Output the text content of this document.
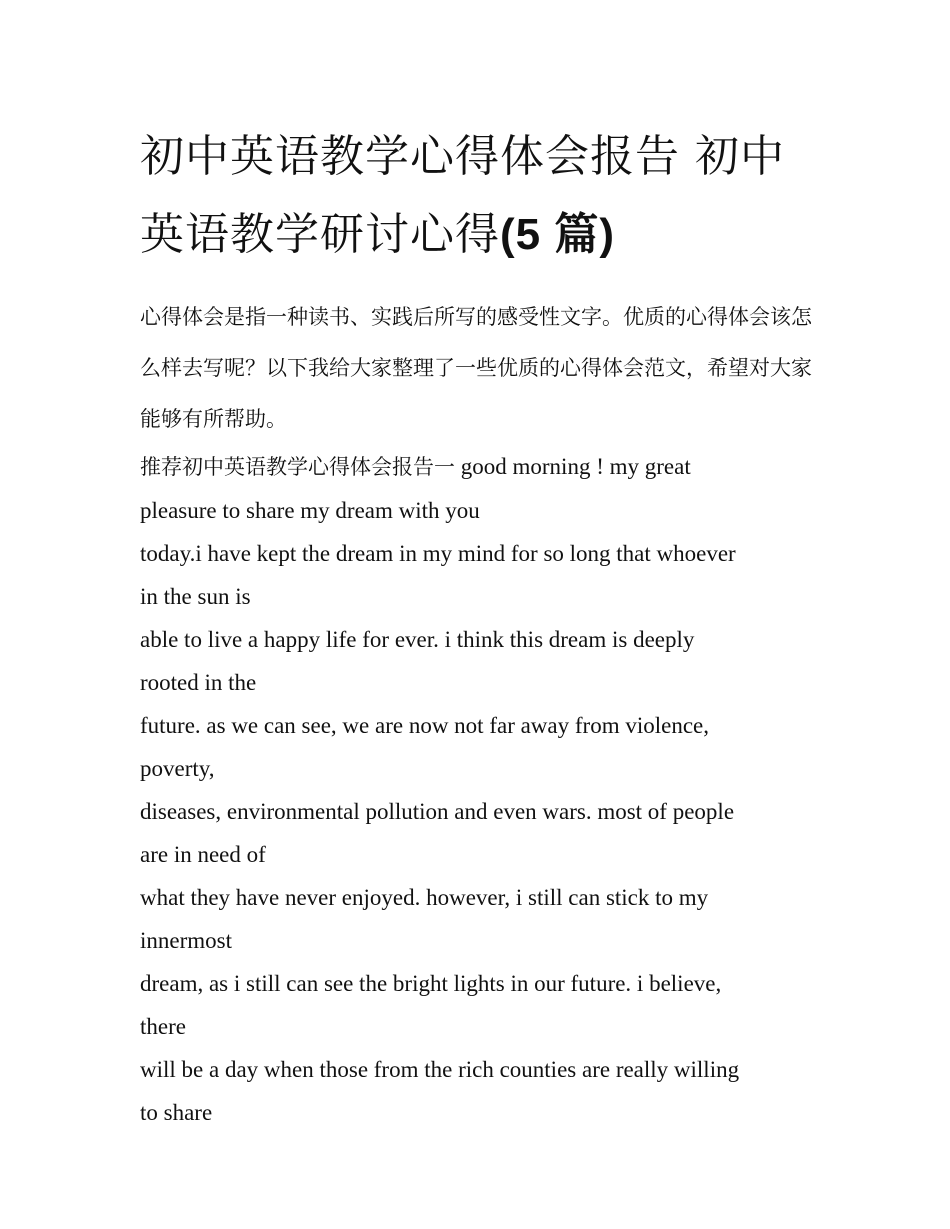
初中英语教学心得体会报告 初中英语教学研讨心得(5 篇)

心得体会是指一种读书、实践后所写的感受性文字。优质的心得体会该怎么样去写呢？以下我给大家整理了一些优质的心得体会范文，希望对大家能够有所帮助。

推荐初中英语教学心得体会报告一 good morning ! my great
pleasure to share my dream with you
today.i have kept the dream in my mind for so long that whoever
in the sun is
able to live a happy life for ever. i think this dream is deeply
rooted in the
future. as we can see, we are now not far away from violence,
poverty,
diseases, environmental pollution and even wars. most of people
are in need of
what they have never enjoyed. however, i still can stick to my
innermost
dream, as i still can see the bright lights in our future. i believe,
there
will be a day when those from the rich counties are really willing
to share
